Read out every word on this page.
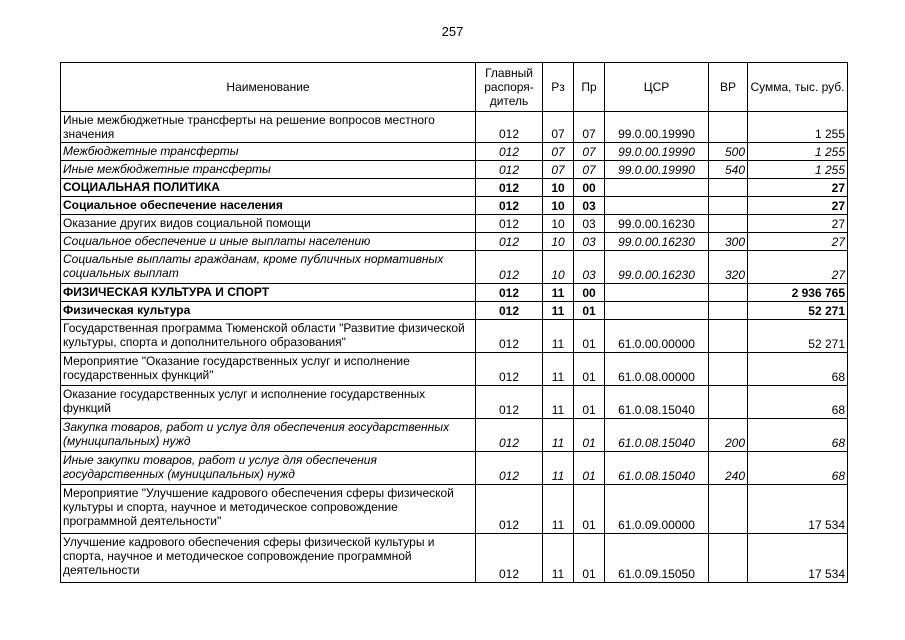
257
Наименование	Главный распоря-дитель	Рз	Пр	ЦСР	ВР	Сумма, тыс. руб.
Иные межбюджетные трансферты на решение вопросов местного значения	012	07	07	99.0.00.19990		1 255
Межбюджетные трансферты	012	07	07	99.0.00.19990	500	1 255
Иные межбюджетные трансферты	012	07	07	99.0.00.19990	540	1 255
СОЦИАЛЬНАЯ ПОЛИТИКА	012	10	00			27
Социальное обеспечение населения	012	10	03			27
Оказание других видов социальной помощи	012	10	03	99.0.00.16230		27
Социальное обеспечение и иные выплаты населению	012	10	03	99.0.00.16230	300	27
Социальные выплаты гражданам, кроме публичных нормативных социальных выплат	012	10	03	99.0.00.16230	320	27
ФИЗИЧЕСКАЯ КУЛЬТУРА И СПОРТ	012	11	00			2 936 765
Физическая культура	012	11	01			52 271
Государственная программа Тюменской области "Развитие физической культуры, спорта и дополнительного образования"	012	11	01	61.0.00.00000		52 271
Мероприятие "Оказание государственных услуг и исполнение государственных функций"	012	11	01	61.0.08.00000		68
Оказание государственных услуг и исполнение государственных функций	012	11	01	61.0.08.15040		68
Закупка товаров, работ и услуг для обеспечения государственных (муниципальных) нужд	012	11	01	61.0.08.15040	200	68
Иные закупки товаров, работ и услуг для обеспечения государственных (муниципальных) нужд	012	11	01	61.0.08.15040	240	68
Мероприятие "Улучшение кадрового обеспечения сферы физической культуры и спорта, научное и методическое сопровождение программной деятельности"	012	11	01	61.0.09.00000		17 534
Улучшение кадрового обеспечения сферы физической культуры и спорта, научное и методическое сопровождение программной деятельности	012	11	01	61.0.09.15050		17 534
